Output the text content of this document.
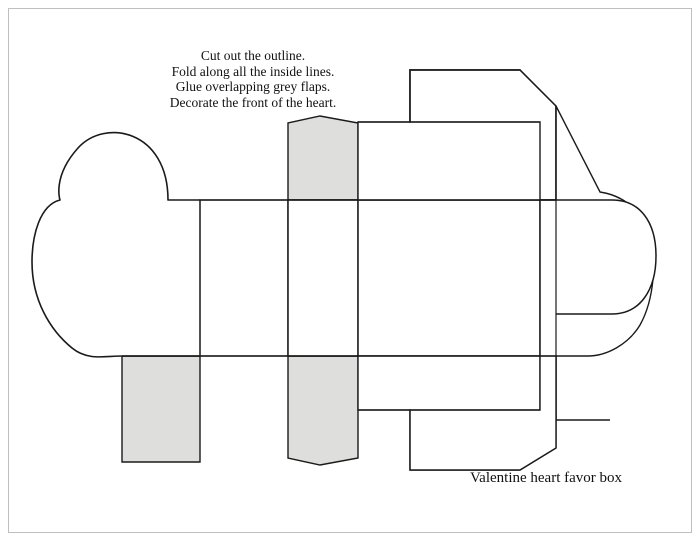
Cut out the outline.
Fold along all the inside lines.
Glue overlapping grey flaps.
Decorate the front of the heart.
Valentine heart favor box
